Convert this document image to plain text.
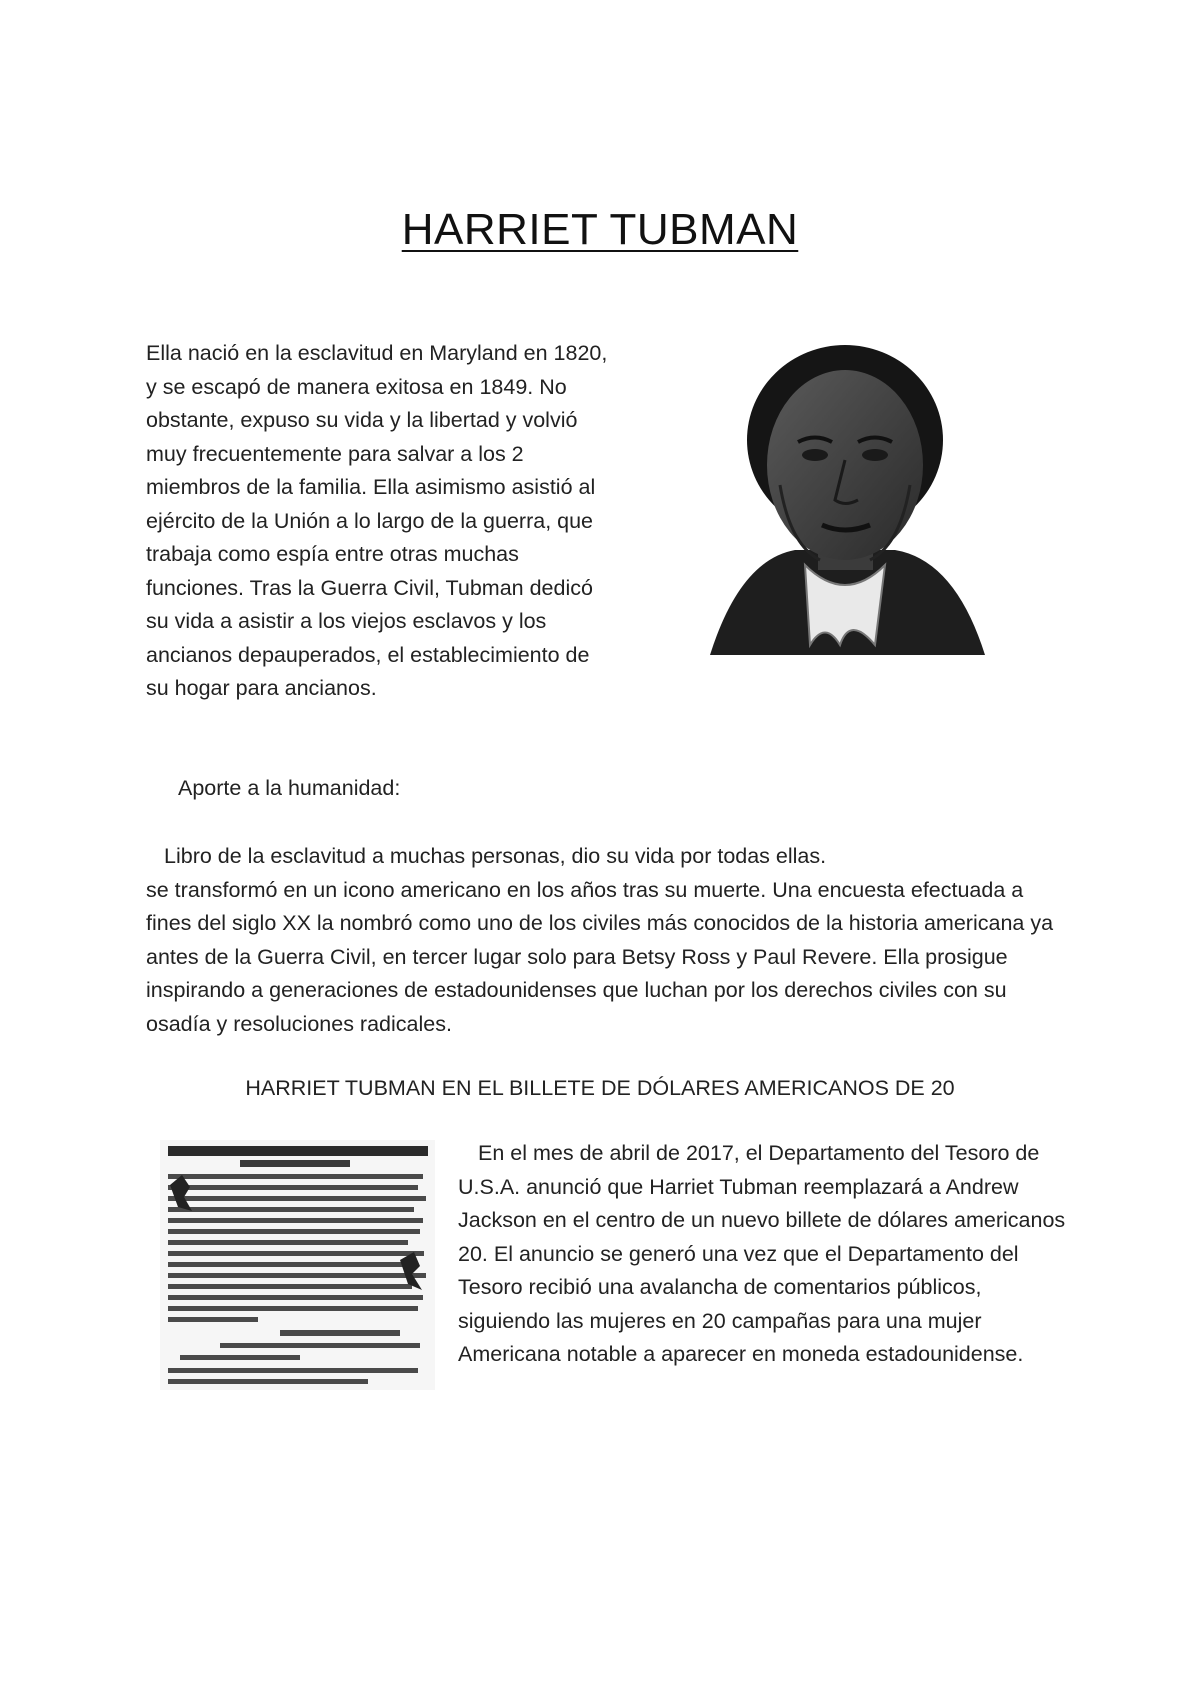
HARRIET TUBMAN

Ella nació en la esclavitud en Maryland en 1820, y se escapó de manera exitosa en 1849. No obstante, expuso su vida y la libertad y volvió muy frecuentemente para salvar a los 2 miembros de la familia. Ella asimismo asistió al ejército de la Unión a lo largo de la guerra, que trabaja como espía entre otras muchas funciones. Tras la Guerra Civil, Tubman dedicó su vida a asistir a los viejos esclavos y los ancianos depauperados, el establecimiento de su hogar para ancianos.

Aporte a la humanidad:

Libro de la esclavitud a muchas personas, dio su vida por todas ellas.
se transformó en un icono americano en los años tras su muerte. Una encuesta efectuada a fines del siglo XX la nombró como uno de los civiles más conocidos de la historia americana ya antes de la Guerra Civil, en tercer lugar solo para Betsy Ross y Paul Revere. Ella prosigue inspirando a generaciones de estadounidenses que luchan por los derechos civiles con su osadía y resoluciones radicales.

HARRIET TUBMAN EN EL BILLETE DE DÓLARES AMERICANOS DE 20

En el mes de abril de 2017, el Departamento del Tesoro de U.S.A. anunció que Harriet Tubman reemplazará a Andrew Jackson en el centro de un nuevo billete de dólares americanos 20. El anuncio se generó una vez que el Departamento del Tesoro recibió una avalancha de comentarios públicos, siguiendo las mujeres en 20 campañas para una mujer Americana notable a aparecer en moneda estadounidense.
